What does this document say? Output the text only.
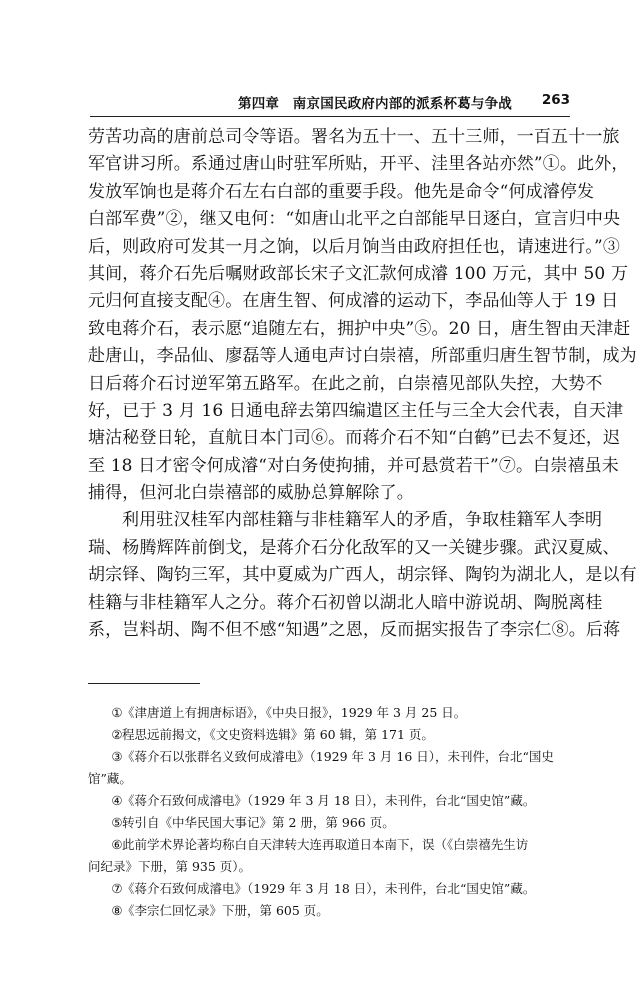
第四章　南京国民政府内部的派系杯葛与争战 263
劳苦功高的唐前总司令等语。署名为五十一、五十三师，一百五十一旅
军官讲习所。系通过唐山时驻军所贴，开平、洼里各站亦然”①。此外，
发放军饷也是蒋介石左右白部的重要手段。他先是命令“何成濬停发
白部军费”②，继又电何：“如唐山北平之白部能早日逐白，宣言归中央
后，则政府可发其一月之饷，以后月饷当由政府担任也，请速进行。”③
其间，蒋介石先后嘱财政部长宋子文汇款何成濬 100 万元，其中 50 万
元归何直接支配④。在唐生智、何成濬的运动下，李品仙等人于 19 日
致电蒋介石，表示愿“追随左右，拥护中央”⑤。20 日，唐生智由天津赶
赴唐山，李品仙、廖磊等人通电声讨白崇禧，所部重归唐生智节制，成为
日后蒋介石讨逆军第五路军。在此之前，白崇禧见部队失控，大势不
好，已于 3 月 16 日通电辞去第四编遣区主任与三全大会代表，自天津
塘沽秘登日轮，直航日本门司⑥。而蒋介石不知“白鹤”已去不复还，迟
至 18 日才密令何成濬“对白务使拘捕，并可悬赏若干”⑦。白崇禧虽未
捕得，但河北白崇禧部的威胁总算解除了。
利用驻汉桂军内部桂籍与非桂籍军人的矛盾，争取桂籍军人李明
瑞、杨腾辉阵前倒戈，是蒋介石分化敌军的又一关键步骤。武汉夏威、
胡宗铎、陶钧三军，其中夏威为广西人，胡宗铎、陶钧为湖北人，是以有
桂籍与非桂籍军人之分。蒋介石初曾以湖北人暗中游说胡、陶脱离桂
系，岂料胡、陶不但不感“知遇”之恩，反而据实报告了李宗仁⑧。后蒋
① 《津唐道上有拥唐标语》，《中央日报》，1929 年 3 月 25 日。
② 程思远前揭文，《文史资料选辑》第 60 辑，第 171 页。
③ 《蒋介石以张群名义致何成濬电》（1929 年 3 月 16 日），未刊件，台北“国史
馆”藏。
④ 《蒋介石致何成濬电》（1929 年 3 月 18 日），未刊件，台北“国史馆”藏。
⑤ 转引自《中华民国大事记》第 2 册，第 966 页。
⑥ 此前学术界论著均称白自天津转大连再取道日本南下，误（《白崇禧先生访
问纪录》下册，第 935 页）。
⑦ 《蒋介石致何成濬电》（1929 年 3 月 18 日），未刊件，台北“国史馆”藏。
⑧ 《李宗仁回忆录》下册，第 605 页。
